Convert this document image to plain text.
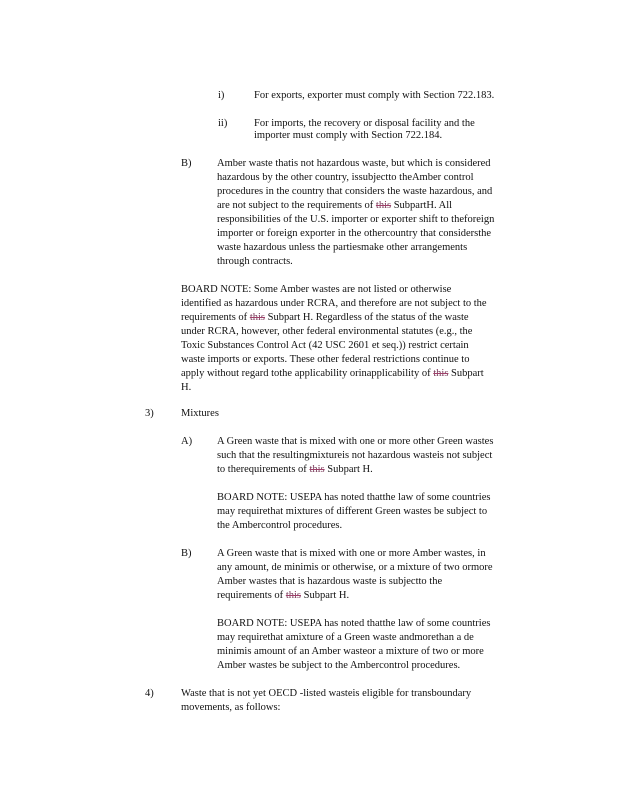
i)	For exports, exporter must comply with Section 722.183.
ii)	For imports, the recovery or disposal facility and the
importer must comply with Section 722.184.
B) Amber waste thatis not hazardous waste, but which is considered
hazardous by the other country, issubjectto theAmber control
procedures in the country that considers the waste hazardous, and
are not subject to the requirements of this SubpartH. All
responsibilities of the U.S. importer or exporter shift to theforeign
importer or foreign exporter in the othercountry that considersthe
waste hazardous unless the partiesmake other arrangements
through contracts.
BOARD NOTE: Some Amber wastes are not listed or otherwise
identified as hazardous under RCRA, and therefore are not subject to the
requirements of this Subpart H. Regardless of the status of the waste
under RCRA, however, other federal environmental statutes (e.g., the
Toxic Substances Control Act (42 USC 2601 et seq.)) restrict certain
waste imports or exports. These other federal restrictions continue to
apply without regard tothe applicability orinapplicability of this Subpart
H.
3)	Mixtures
A) A Green waste that is mixed with one or more other Green wastes
such that the resultingmixtureis not hazardous wasteis not subject
to therequirements of this Subpart H.
BOARD NOTE: USEPA has noted thatthe law of some countries
may requirethat mixtures of different Green wastes be subject to
the Ambercontrol procedures.
B) A Green waste that is mixed with one or more Amber wastes, in
any amount, de minimis or otherwise, or a mixture of two ormore
Amber wastes that is hazardous waste is subjectto the
requirements of this Subpart H.
BOARD NOTE: USEPA has noted thatthe law of some countries
may requirethat amixture of a Green waste andmorethan a de
minimis amount of an Amber wasteor a mixture of two or more
Amber wastes be subject to the Ambercontrol procedures.
4)	Waste that is not yet OECD -listed wasteis eligible for transboundary
movements, as follows:
